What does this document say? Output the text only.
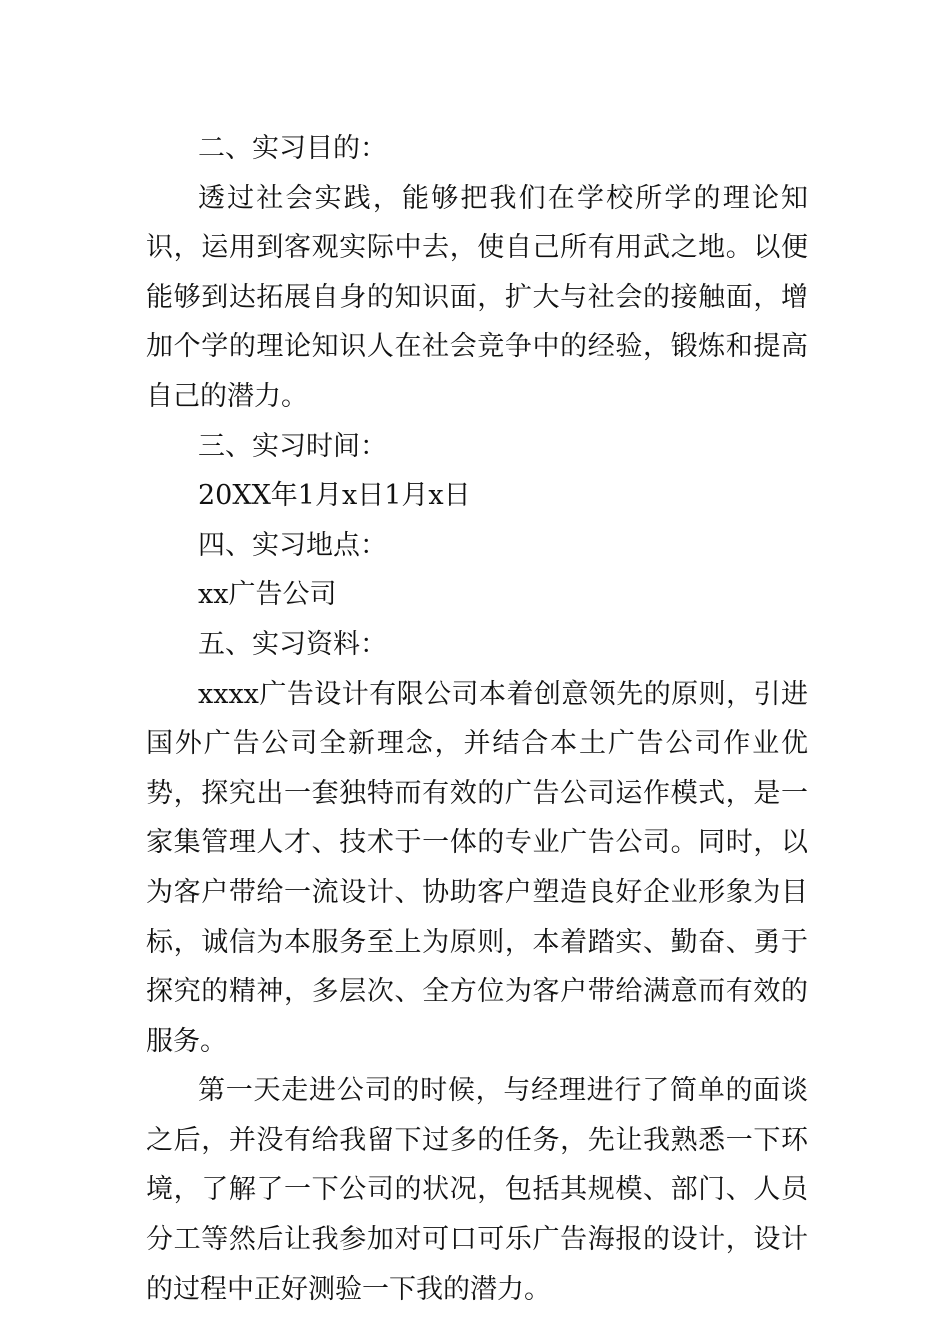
二、实习目的：

透过社会实践，能够把我们在学校所学的理论知识，运用到客观实际中去，使自己所有用武之地。以便能够到达拓展自身的知识面，扩大与社会的接触面，增加个学的理论知识人在社会竞争中的经验，锻炼和提高自己的潜力。

三、实习时间：

20XX年1月x日1月x日

四、实习地点：

xx广告公司

五、实习资料：

xxxx广告设计有限公司本着创意领先的原则，引进国外广告公司全新理念，并结合本土广告公司作业优势，探究出一套独特而有效的广告公司运作模式，是一家集管理人才、技术于一体的专业广告公司。同时，以为客户带给一流设计、协助客户塑造良好企业形象为目标，诚信为本服务至上为原则，本着踏实、勤奋、勇于探究的精神，多层次、全方位为客户带给满意而有效的服务。

第一天走进公司的时候，与经理进行了简单的面谈之后，并没有给我留下过多的任务，先让我熟悉一下环境，了解了一下公司的状况，包括其规模、部门、人员分工等然后让我参加对可口可乐广告海报的设计，设计的过程中正好测验一下我的潜力。
